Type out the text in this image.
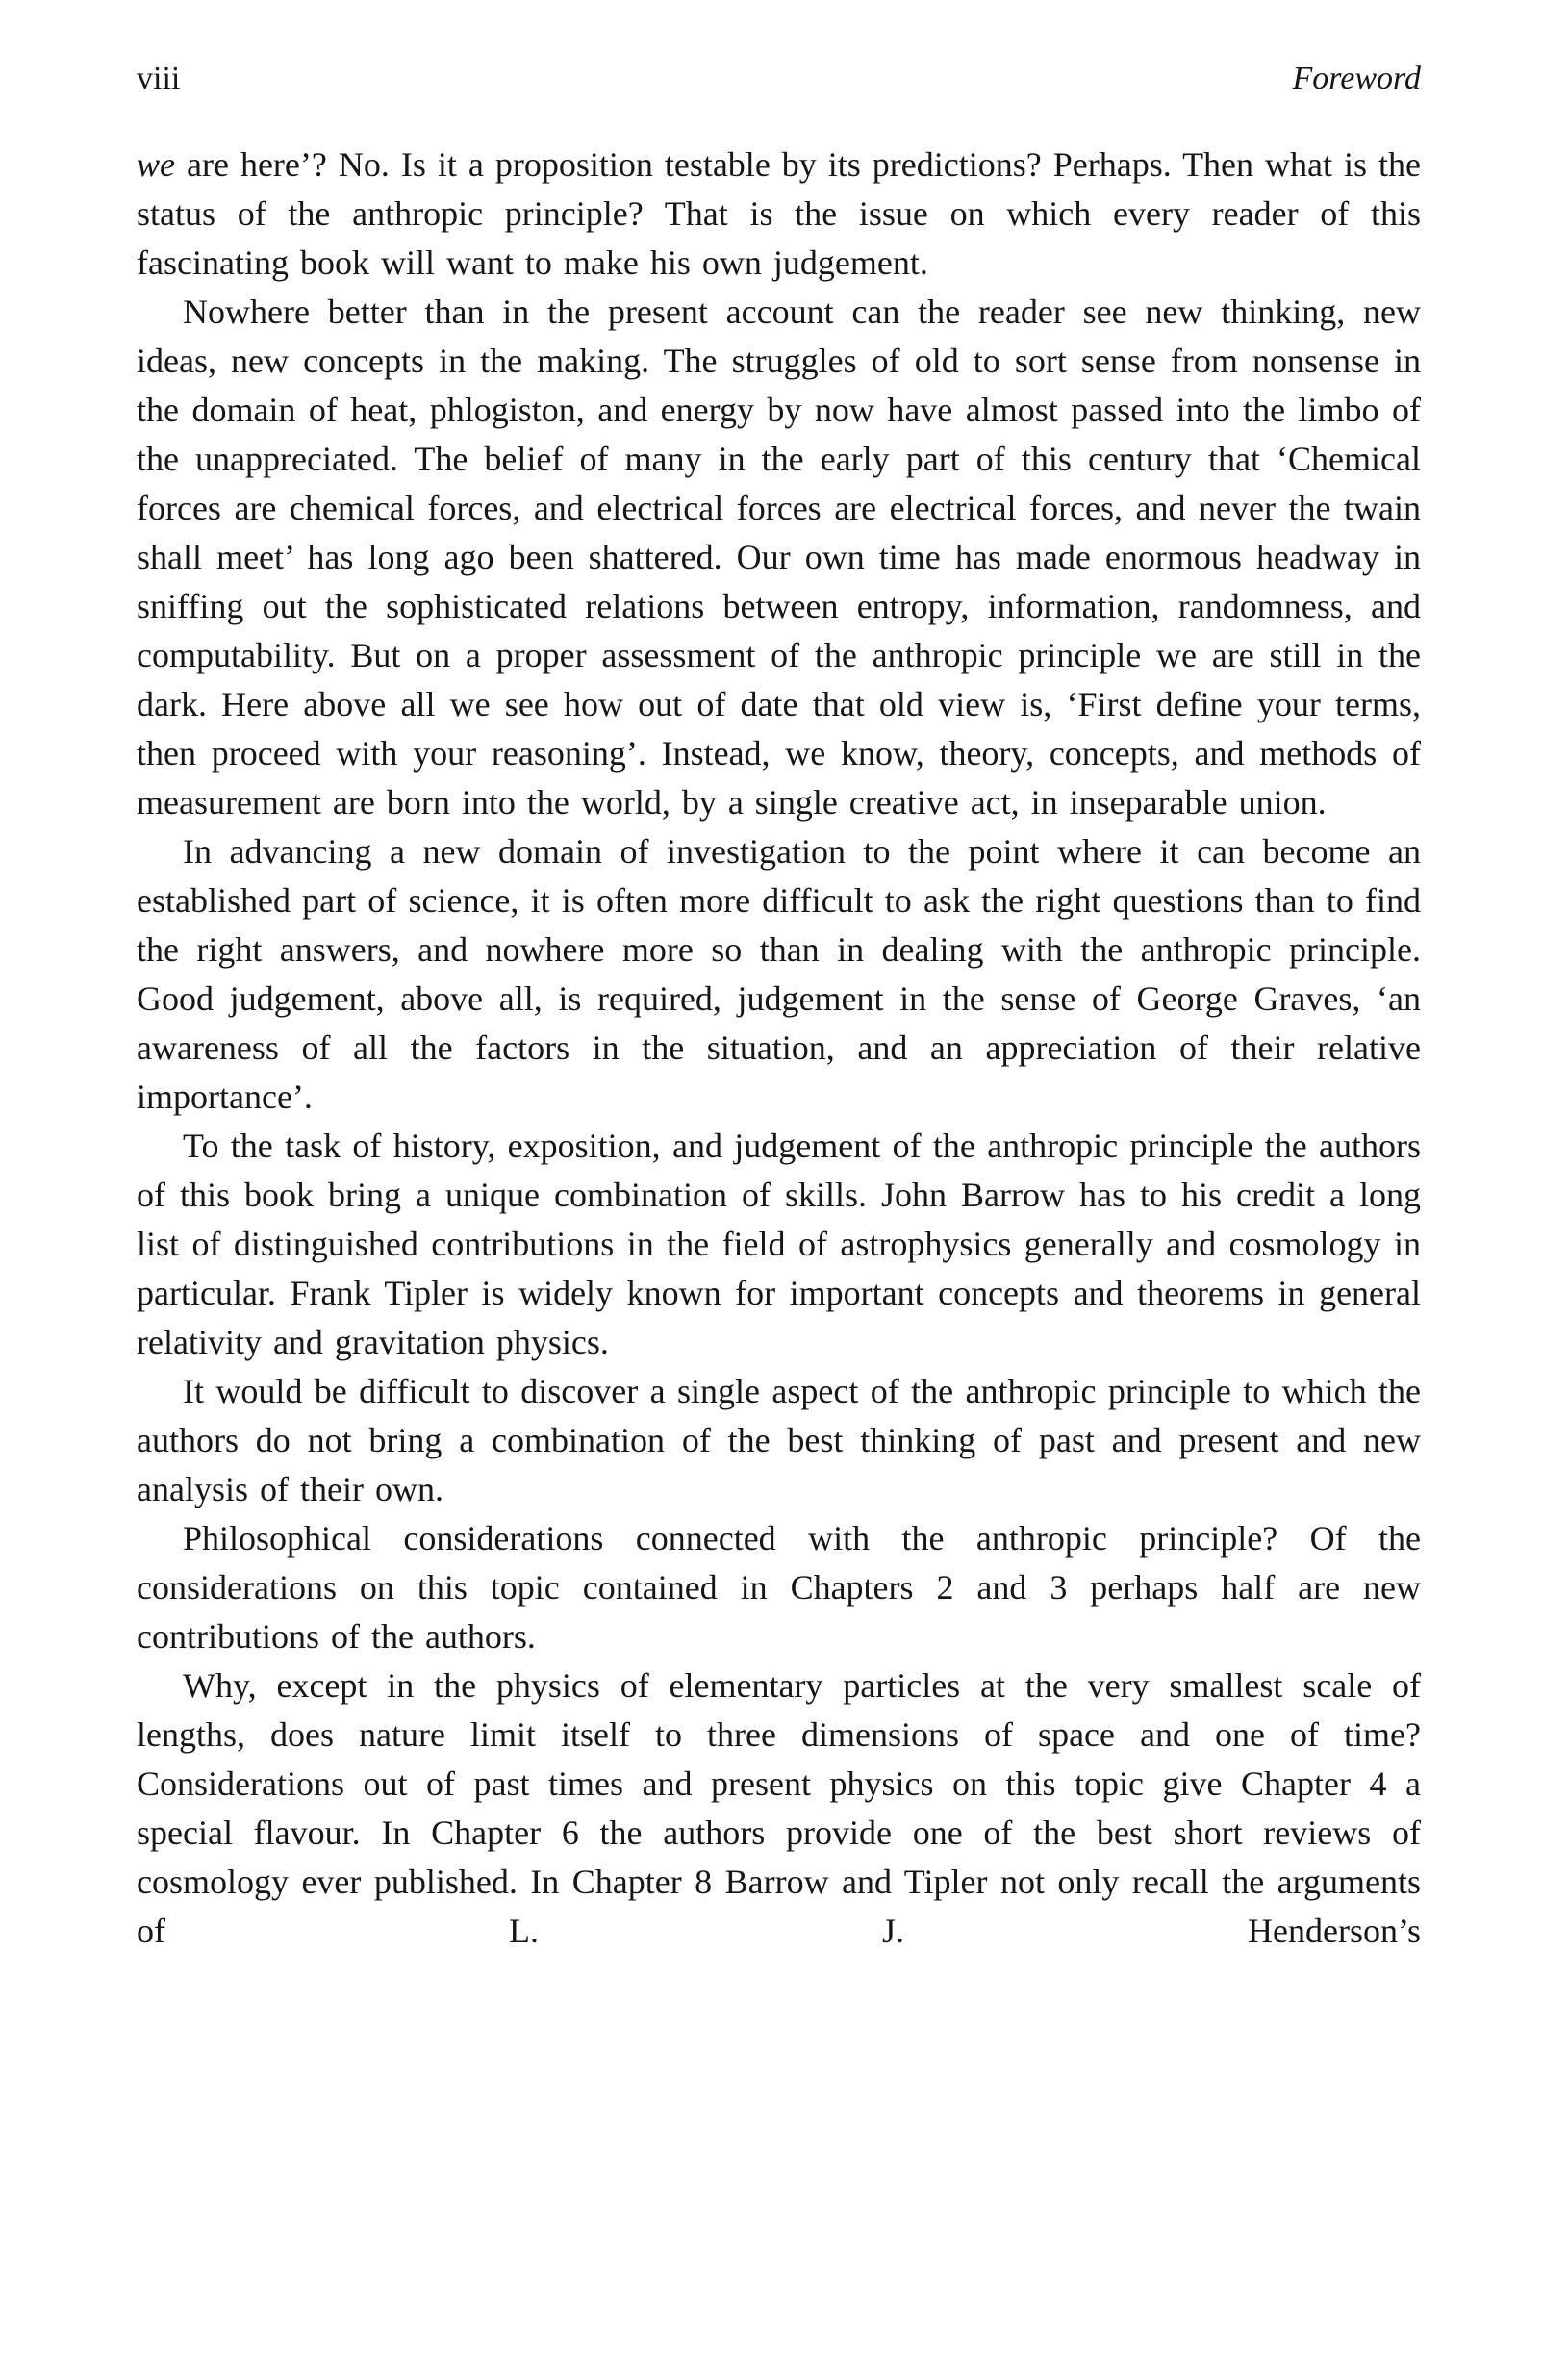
viii	Foreword

we are here’? No. Is it a proposition testable by its predictions? Perhaps. Then what is the status of the anthropic principle? That is the issue on which every reader of this fascinating book will want to make his own judgement.

Nowhere better than in the present account can the reader see new thinking, new ideas, new concepts in the making. The struggles of old to sort sense from nonsense in the domain of heat, phlogiston, and energy by now have almost passed into the limbo of the unappreciated. The belief of many in the early part of this century that ‘Chemical forces are chemical forces, and electrical forces are electrical forces, and never the twain shall meet’ has long ago been shattered. Our own time has made enormous headway in sniffing out the sophisticated relations between entropy, information, randomness, and computability. But on a proper assessment of the anthropic principle we are still in the dark. Here above all we see how out of date that old view is, ‘First define your terms, then proceed with your reasoning’. Instead, we know, theory, concepts, and methods of measurement are born into the world, by a single creative act, in inseparable union.

In advancing a new domain of investigation to the point where it can become an established part of science, it is often more difficult to ask the right questions than to find the right answers, and nowhere more so than in dealing with the anthropic principle. Good judgement, above all, is required, judgement in the sense of George Graves, ‘an awareness of all the factors in the situation, and an appreciation of their relative importance’.

To the task of history, exposition, and judgement of the anthropic principle the authors of this book bring a unique combination of skills. John Barrow has to his credit a long list of distinguished contributions in the field of astrophysics generally and cosmology in particular. Frank Tipler is widely known for important concepts and theorems in general relativity and gravitation physics.

It would be difficult to discover a single aspect of the anthropic principle to which the authors do not bring a combination of the best thinking of past and present and new analysis of their own.

Philosophical considerations connected with the anthropic principle? Of the considerations on this topic contained in Chapters 2 and 3 perhaps half are new contributions of the authors.

Why, except in the physics of elementary particles at the very smallest scale of lengths, does nature limit itself to three dimensions of space and one of time? Considerations out of past times and present physics on this topic give Chapter 4 a special flavour. In Chapter 6 the authors provide one of the best short reviews of cosmology ever published. In Chapter 8 Barrow and Tipler not only recall the arguments of L. J. Henderson’s
